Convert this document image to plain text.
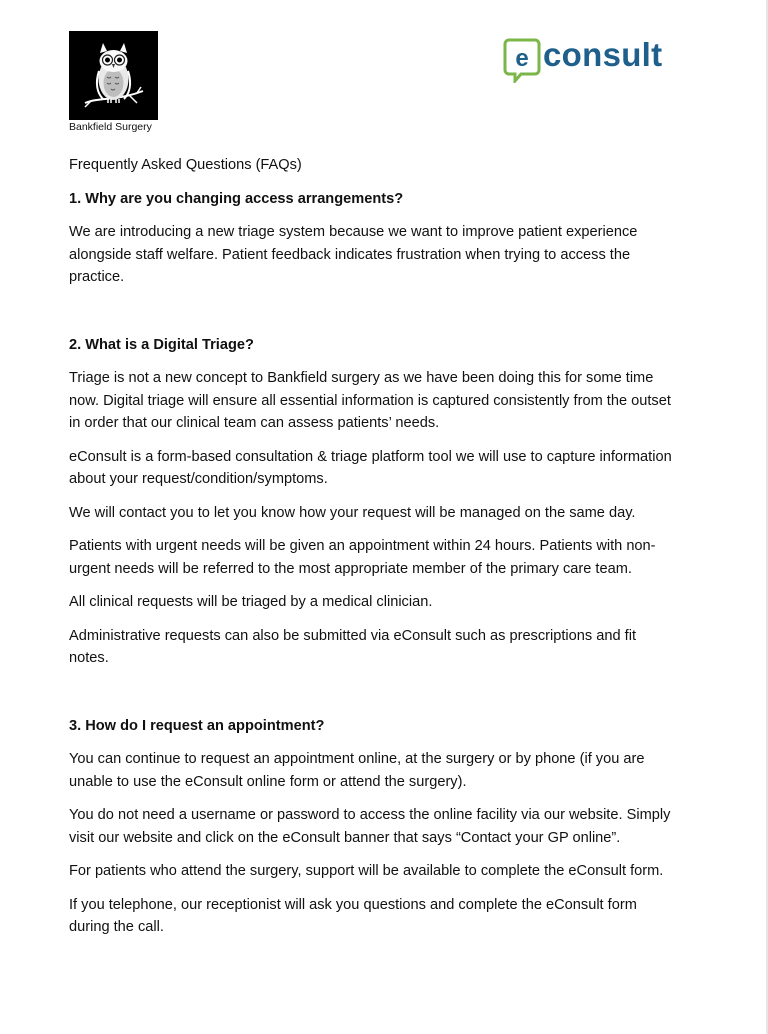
Bankfield Surgery
e consult

Frequently Asked Questions (FAQs)

1. Why are you changing access arrangements?

We are introducing a new triage system because we want to improve patient experience alongside staff welfare. Patient feedback indicates frustration when trying to access the practice.

2. What is a Digital Triage?

Triage is not a new concept to Bankfield surgery as we have been doing this for some time now. Digital triage will ensure all essential information is captured consistently from the outset in order that our clinical team can assess patients’ needs.

eConsult is a form-based consultation & triage platform tool we will use to capture information about your request/condition/symptoms.

We will contact you to let you know how your request will be managed on the same day.

Patients with urgent needs will be given an appointment within 24 hours. Patients with non-urgent needs will be referred to the most appropriate member of the primary care team.

All clinical requests will be triaged by a medical clinician.

Administrative requests can also be submitted via eConsult such as prescriptions and fit notes.

3. How do I request an appointment?

You can continue to request an appointment online, at the surgery or by phone (if you are unable to use the eConsult online form or attend the surgery).

You do not need a username or password to access the online facility via our website. Simply visit our website and click on the eConsult banner that says “Contact your GP online”.

For patients who attend the surgery, support will be available to complete the eConsult form.

If you telephone, our receptionist will ask you questions and complete the eConsult form during the call.
